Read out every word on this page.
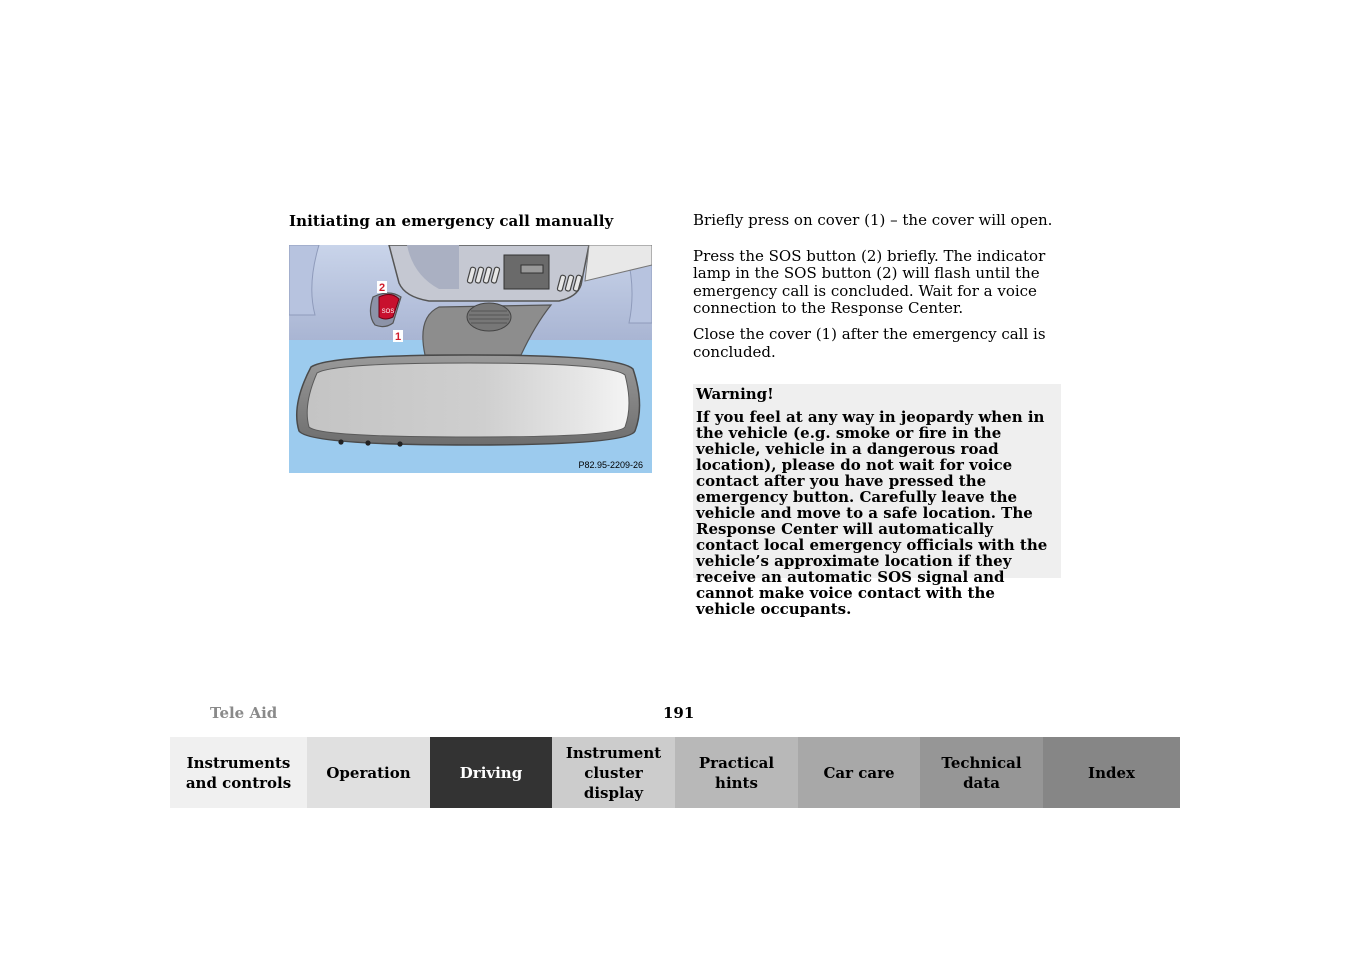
Initiating an emergency call manually
SOS
2
1
P82.95-2209-26

Briefly press on cover (1) – the cover will open.

Press the SOS button (2) briefly. The indicator lamp in the SOS button (2) will flash until the emergency call is concluded. Wait for a voice connection to the Response Center.

Close the cover (1) after the emergency call is concluded.

Warning!
If you feel at any way in jeopardy when in the vehicle (e.g. smoke or fire in the vehicle, vehicle in a dangerous road location), please do not wait for voice contact after you have pressed the emergency button. Carefully leave the vehicle and move to a safe location. The Response Center will automatically contact local emergency officials with the vehicle’s approximate location if they receive an automatic SOS signal and cannot make voice contact with the vehicle occupants.
Tele Aid	191
Instruments
and controls
Operation	Driving
Instrument
cluster display
Practical hints
Car care
Technical
data
Index
